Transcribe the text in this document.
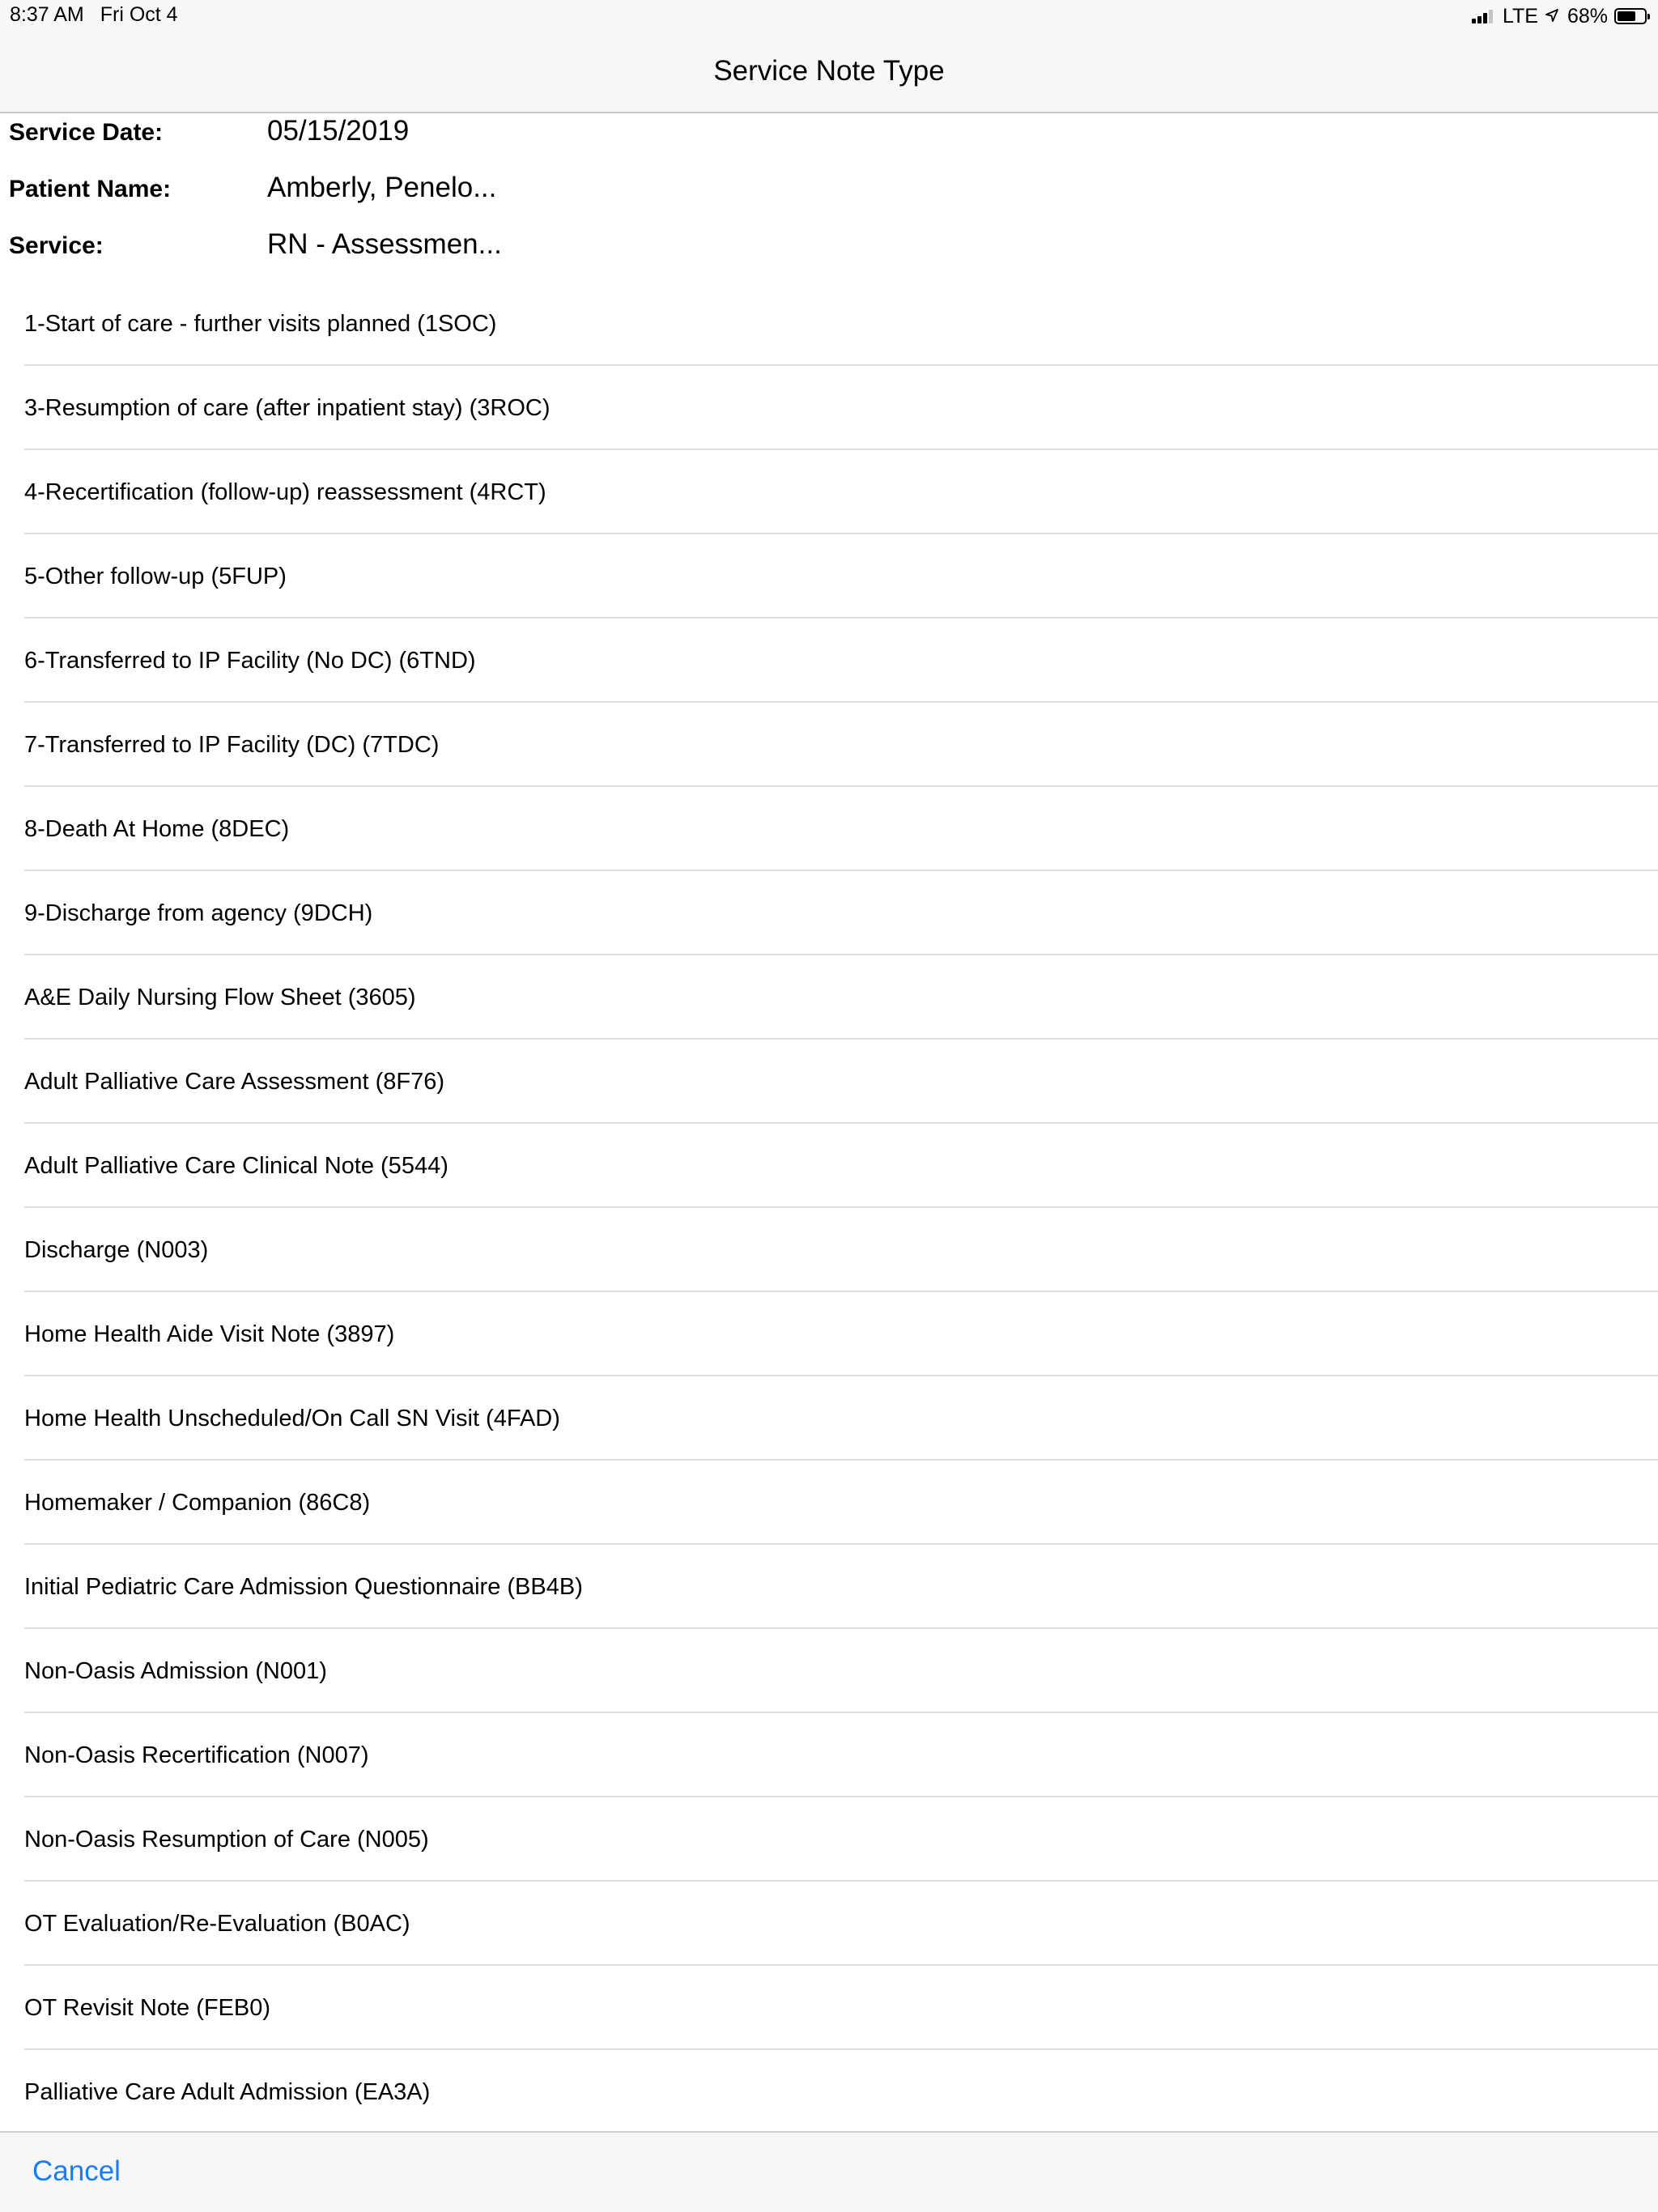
8:37 AM Fri Oct 4	LTE 68%
Service Note Type
Service Date:	05/15/2019
Patient Name:	Amberly, Penelo...
Service:	RN - Assessmen...
1-Start of care - further visits planned (1SOC)
3-Resumption of care (after inpatient stay) (3ROC)
4-Recertification (follow-up) reassessment (4RCT)
5-Other follow-up (5FUP)
6-Transferred to IP Facility (No DC) (6TND)
7-Transferred to IP Facility (DC) (7TDC)
8-Death At Home (8DEC)
9-Discharge from agency (9DCH)
A&E Daily Nursing Flow Sheet (3605)
Adult Palliative Care Assessment (8F76)
Adult Palliative Care Clinical Note (5544)
Discharge (N003)
Home Health Aide Visit Note (3897)
Home Health Unscheduled/On Call SN Visit (4FAD)
Homemaker / Companion (86C8)
Initial Pediatric Care Admission Questionnaire (BB4B)
Non-Oasis Admission (N001)
Non-Oasis Recertification (N007)
Non-Oasis Resumption of Care (N005)
OT Evaluation/Re-Evaluation (B0AC)
OT Revisit Note (FEB0)
Palliative Care Adult Admission (EA3A)
Cancel
